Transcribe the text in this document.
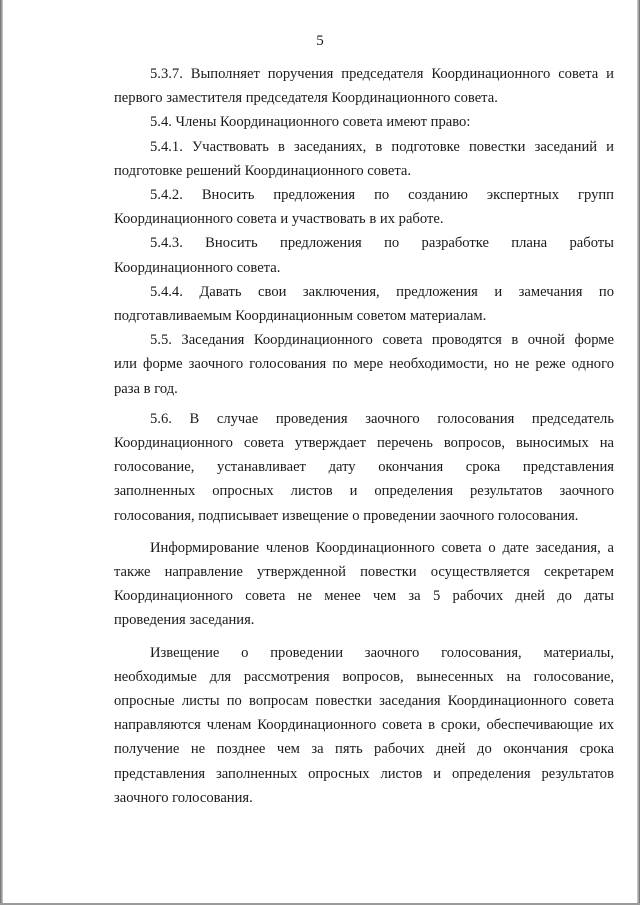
5
5.3.7. Выполняет поручения председателя Координационного совета и
первого заместителя председателя Координационного совета.
5.4. Члены Координационного совета имеют право:
5.4.1. Участвовать в заседаниях, в подготовке повестки заседаний и
подготовке решений Координационного совета.
5.4.2. Вносить предложения по созданию экспертных групп
Координационного совета и участвовать в их работе.
5.4.3. Вносить предложения по разработке плана работы
Координационного совета.
5.4.4. Давать свои заключения, предложения и замечания по
подготавливаемым Координационным советом материалам.
5.5. Заседания Координационного совета проводятся в очной форме
или форме заочного голосования по мере необходимости, но не реже одного
раза в год.
5.6. В случае проведения заочного голосования председатель
Координационного совета утверждает перечень вопросов, выносимых на
голосование, устанавливает дату окончания срока представления
заполненных опросных листов и определения результатов заочного
голосования, подписывает извещение о проведении заочного голосования.
Информирование членов Координационного совета о дате заседания, а
также направление утвержденной повестки осуществляется секретарем
Координационного совета не менее чем за 5 рабочих дней до даты
проведения заседания.
Извещение о проведении заочного голосования, материалы,
необходимые для рассмотрения вопросов, вынесенных на голосование,
опросные листы по вопросам повестки заседания Координационного совета
направляются членам Координационного совета в сроки, обеспечивающие их
получение не позднее чем за пять рабочих дней до окончания срока
представления заполненных опросных листов и определения результатов
заочного голосования.
